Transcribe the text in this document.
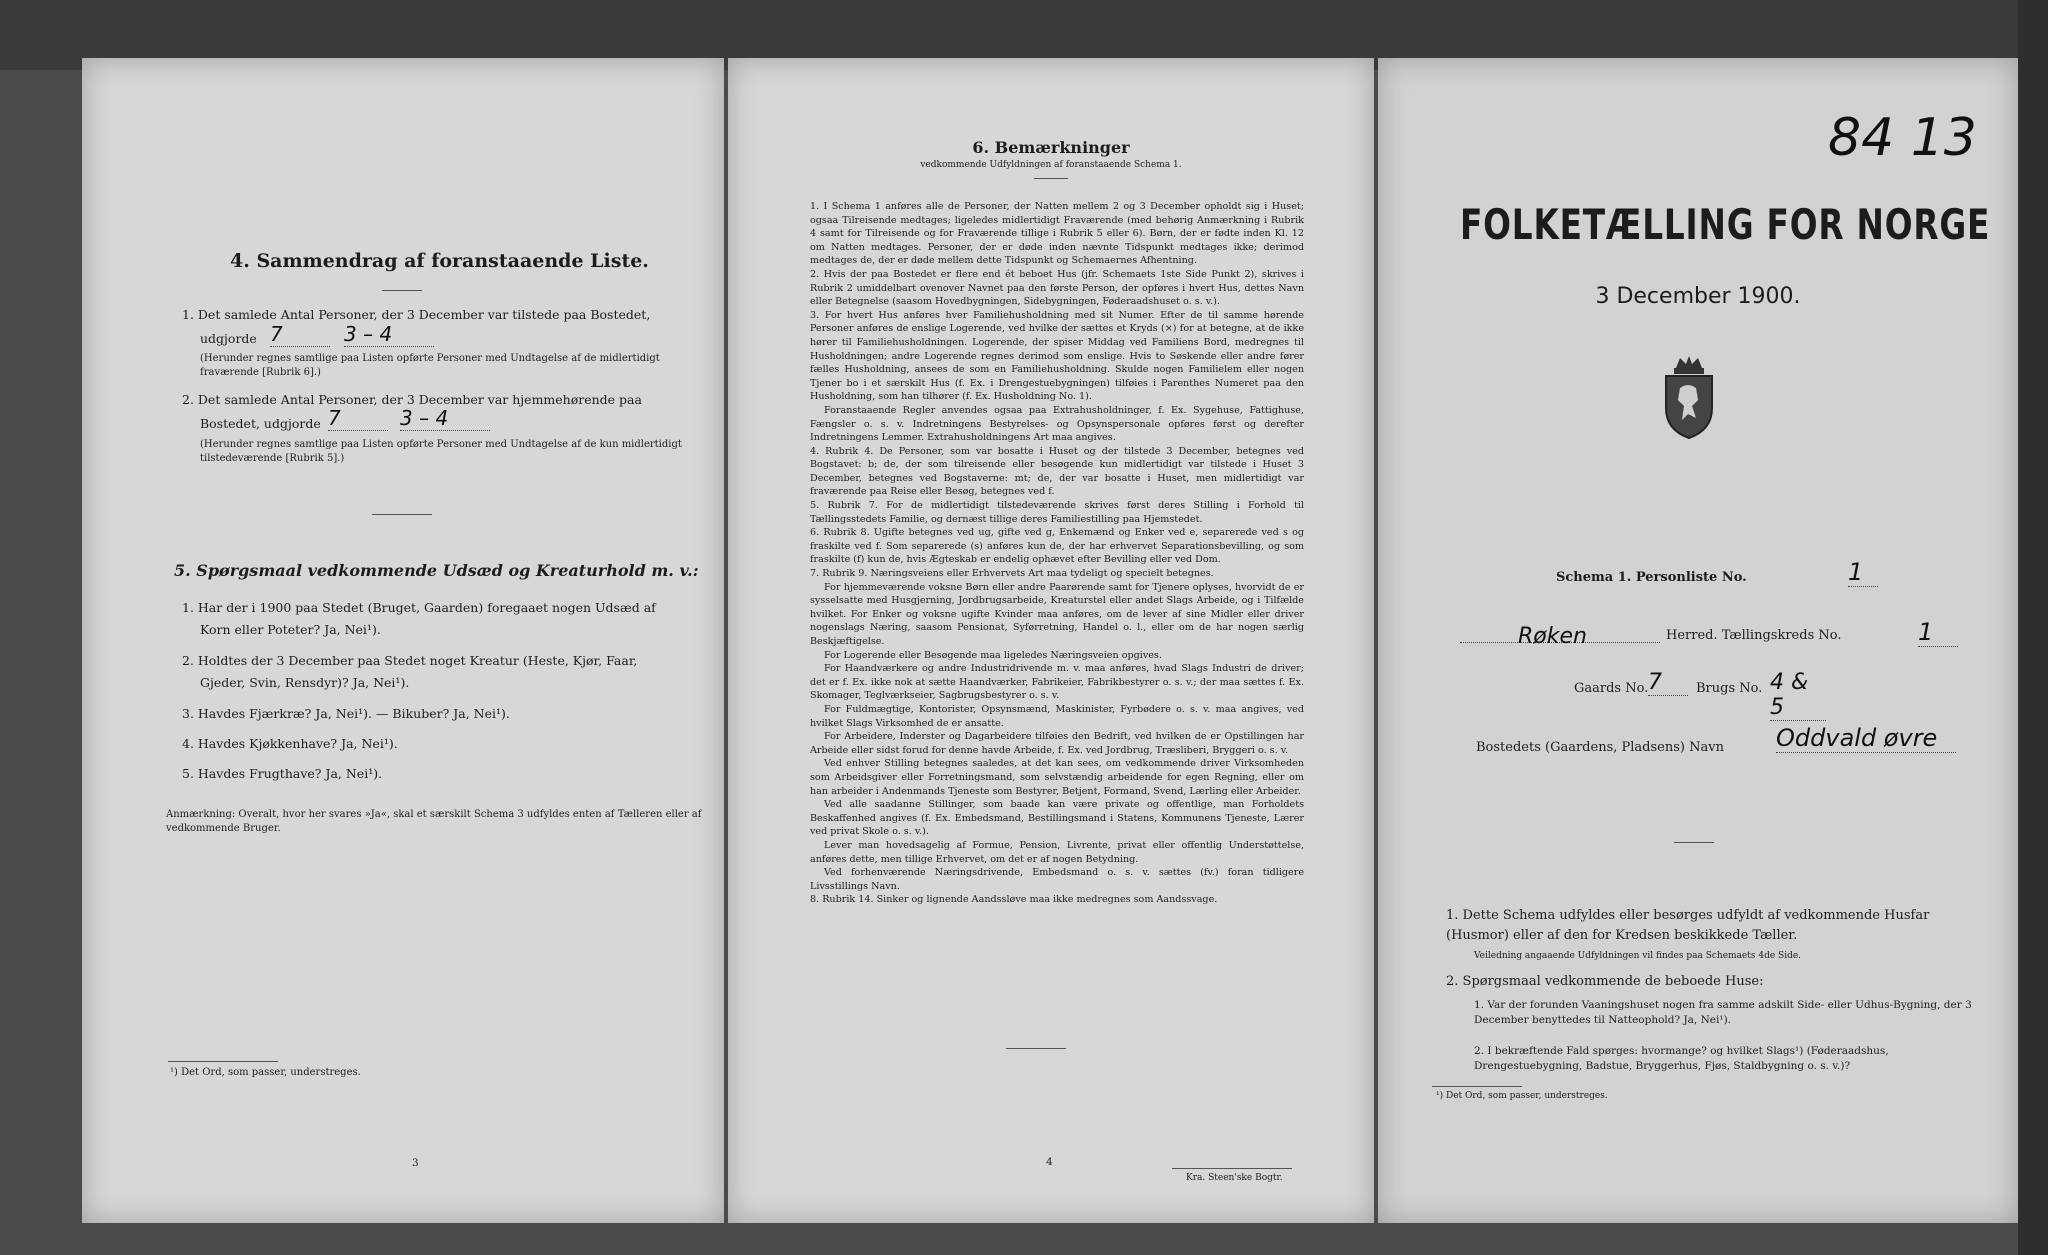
4. Sammendrag af foranstaaende Liste.
1. Det samlede Antal Personer, der 3 December var tilstede paa Bostedet,
udgjorde 7	3 – 4
(Herunder regnes samtlige paa Listen opførte Personer med Undtagelse af de midlertidigt fraværende [Rubrik 6].)
2. Det samlede Antal Personer, der 3 December var hjemmehørende paa
Bostedet, udgjorde 7	3 – 4
(Herunder regnes samtlige paa Listen opførte Personer med Undtagelse af de kun midlertidigt tilstedeværende [Rubrik 5].)
5. Spørgsmaal vedkommende Udsæd og Kreaturhold m. v.:
1. Har der i 1900 paa Stedet (Bruget, Gaarden) foregaaet nogen Udsæd af
Korn eller Poteter? Ja, Nei¹).
2. Holdtes der 3 December paa Stedet noget Kreatur (Heste, Kjør, Faar,
Gjeder, Svin, Rensdyr)? Ja, Nei¹).
3. Havdes Fjærkræ? Ja, Nei¹). — Bikuber? Ja, Nei¹).
4. Havdes Kjøkkenhave? Ja, Nei¹).
5. Havdes Frugthave? Ja, Nei¹).
Anmærkning: Overalt, hvor her svares »Ja«, skal et særskilt Schema 3 udfyldes enten af Tælleren eller af vedkommende Bruger.
¹) Det Ord, som passer, understreges.
3
6. Bemærkninger
vedkommende Udfyldningen af foranstaaende Schema 1.

1. I Schema 1 anføres alle de Personer, der Natten mellem 2 og 3 December opholdt sig i Huset; ogsaa Tilreisende medtages; ligeledes midlertidigt Fraværende (med behørig Anmærkning i Rubrik 4 samt for Tilreisende og for Fraværende tillige i Rubrik 5 eller 6). Børn, der er fødte inden Kl. 12 om Natten medtages. Personer, der er døde inden nævnte Tidspunkt medtages ikke; derimod medtages de, der er døde mellem dette Tidspunkt og Schemaernes Afhentning.

2. Hvis der paa Bostedet er flere end ét beboet Hus (jfr. Schemaets 1ste Side Punkt 2), skrives i Rubrik 2 umiddelbart ovenover Navnet paa den første Person, der opføres i hvert Hus, dettes Navn eller Betegnelse (saasom Hovedbygningen, Sidebygningen, Føderaadshuset o. s. v.).

3. For hvert Hus anføres hver Familiehusholdning med sit Numer. Efter de til samme hørende Personer anføres de enslige Logerende, ved hvilke der sættes et Kryds (×) for at betegne, at de ikke hører til Familiehusholdningen. Logerende, der spiser Middag ved Familiens Bord, medregnes til Husholdningen; andre Logerende regnes derimod som enslige. Hvis to Søskende eller andre fører fælles Husholdning, ansees de som en Familiehusholdning. Skulde nogen Familielem eller nogen Tjener bo i et særskilt Hus (f. Ex. i Drengestuebygningen) tilføies i Parenthes Numeret paa den Husholdning, som han tilhører (f. Ex. Husholdning No. 1).

Foranstaaende Regler anvendes ogsaa paa Extrahusholdninger, f. Ex. Sygehuse, Fattighuse, Fængsler o. s. v. Indretningens Bestyrelses- og Opsynspersonale opføres først og derefter Indretningens Lemmer. Extrahusholdningens Art maa angives.

4. Rubrik 4. De Personer, som var bosatte i Huset og der tilstede 3 December, betegnes ved Bogstavet: b; de, der som tilreisende eller besøgende kun midlertidigt var tilstede i Huset 3 December, betegnes ved Bogstaverne: mt; de, der var bosatte i Huset, men midlertidigt var fraværende paa Reise eller Besøg, betegnes ved f.

5. Rubrik 7. For de midlertidigt tilstedeværende skrives først deres Stilling i Forhold til Tællingsstedets Familie, og dernæst tillige deres Familiestilling paa Hjemstedet.

6. Rubrik 8. Ugifte betegnes ved ug, gifte ved g, Enkemænd og Enker ved e, separerede ved s og fraskilte ved f. Som separerede (s) anføres kun de, der har erhvervet Separationsbevilling, og som fraskilte (f) kun de, hvis Ægteskab er endelig ophævet efter Bevilling eller ved Dom.

7. Rubrik 9. Næringsveiens eller Erhvervets Art maa tydeligt og specielt betegnes.

For hjemmeværende voksne Børn eller andre Paarørende samt for Tjenere oplyses, hvorvidt de er sysselsatte med Husgjerning, Jordbrugsarbeide, Kreaturstel eller andet Slags Arbeide, og i Tilfælde hvilket. For Enker og voksne ugifte Kvinder maa anføres, om de lever af sine Midler eller driver nogenslags Næring, saasom Pensionat, Syførretning, Handel o. l., eller om de har nogen særlig Beskjæftigelse.

For Logerende eller Besøgende maa ligeledes Næringsveien opgives.

For Haandværkere og andre Industridrivende m. v. maa anføres, hvad Slags Industri de driver; det er f. Ex. ikke nok at sætte Haandværker, Fabrikeier, Fabrikbestyrer o. s. v.; der maa sættes f. Ex. Skomager, Teglværkseier, Sagbrugsbestyrer o. s. v.

For Fuldmægtige, Kontorister, Opsynsmænd, Maskinister, Fyrbødere o. s. v. maa angives, ved hvilket Slags Virksomhed de er ansatte.

For Arbeidere, Inderster og Dagarbeidere tilføies den Bedrift, ved hvilken de er Opstillingen har Arbeide eller sidst forud for denne havde Arbeide, f. Ex. ved Jordbrug, Træsliberi, Bryggeri o. s. v.

Ved enhver Stilling betegnes saaledes, at det kan sees, om vedkommende driver Virksomheden som Arbeidsgiver eller Forretningsmand, som selvstændig arbeidende for egen Regning, eller om han arbeider i Andenmands Tjeneste som Bestyrer, Betjent, Formand, Svend, Lærling eller Arbeider.

Ved alle saadanne Stillinger, som baade kan være private og offentlige, man Forholdets Beskaffenhed angives (f. Ex. Embedsmand, Bestillingsmand i Statens, Kommunens Tjeneste, Lærer ved privat Skole o. s. v.).

Lever man hovedsagelig af Formue, Pension, Livrente, privat eller offentlig Understøttelse, anføres dette, men tillige Erhvervet, om det er af nogen Betydning.

Ved forhenværende Næringsdrivende, Embedsmand o. s. v. sættes (fv.) foran tidligere Livsstillings Navn.

8. Rubrik 14. Sinker og lignende Aandssløve maa ikke medregnes som Aandssvage.

4
Kra. Steen'ske Bogtr.
84 13
FOLKETÆLLING FOR NORGE
3 December 1900.
Schema 1. Personliste No.	1
Røken	Herred. Tællingskreds No.	1
Gaards No. 7	Brugs No. 4 & 5
Bostedets (Gaardens, Pladsens) Navn Oddvald øvre
1. Dette Schema udfyldes eller besørges udfyldt af vedkommende Husfar (Husmor) eller af den for Kredsen beskikkede Tæller.
Veiledning angaaende Udfyldningen vil findes paa Schemaets 4de Side.
2. Spørgsmaal vedkommende de beboede Huse:
1. Var der forunden Vaaningshuset nogen fra samme adskilt Side- eller Udhus-Bygning, der 3 December benyttedes til Natteophold? Ja, Nei¹).
2. I bekræftende Fald spørges: hvormange? og hvilket Slags¹) (Føderaadshus, Drengestuebygning, Badstue, Bryggerhus, Fjøs, Staldbygning o. s. v.)?
¹) Det Ord, som passer, understreges.
